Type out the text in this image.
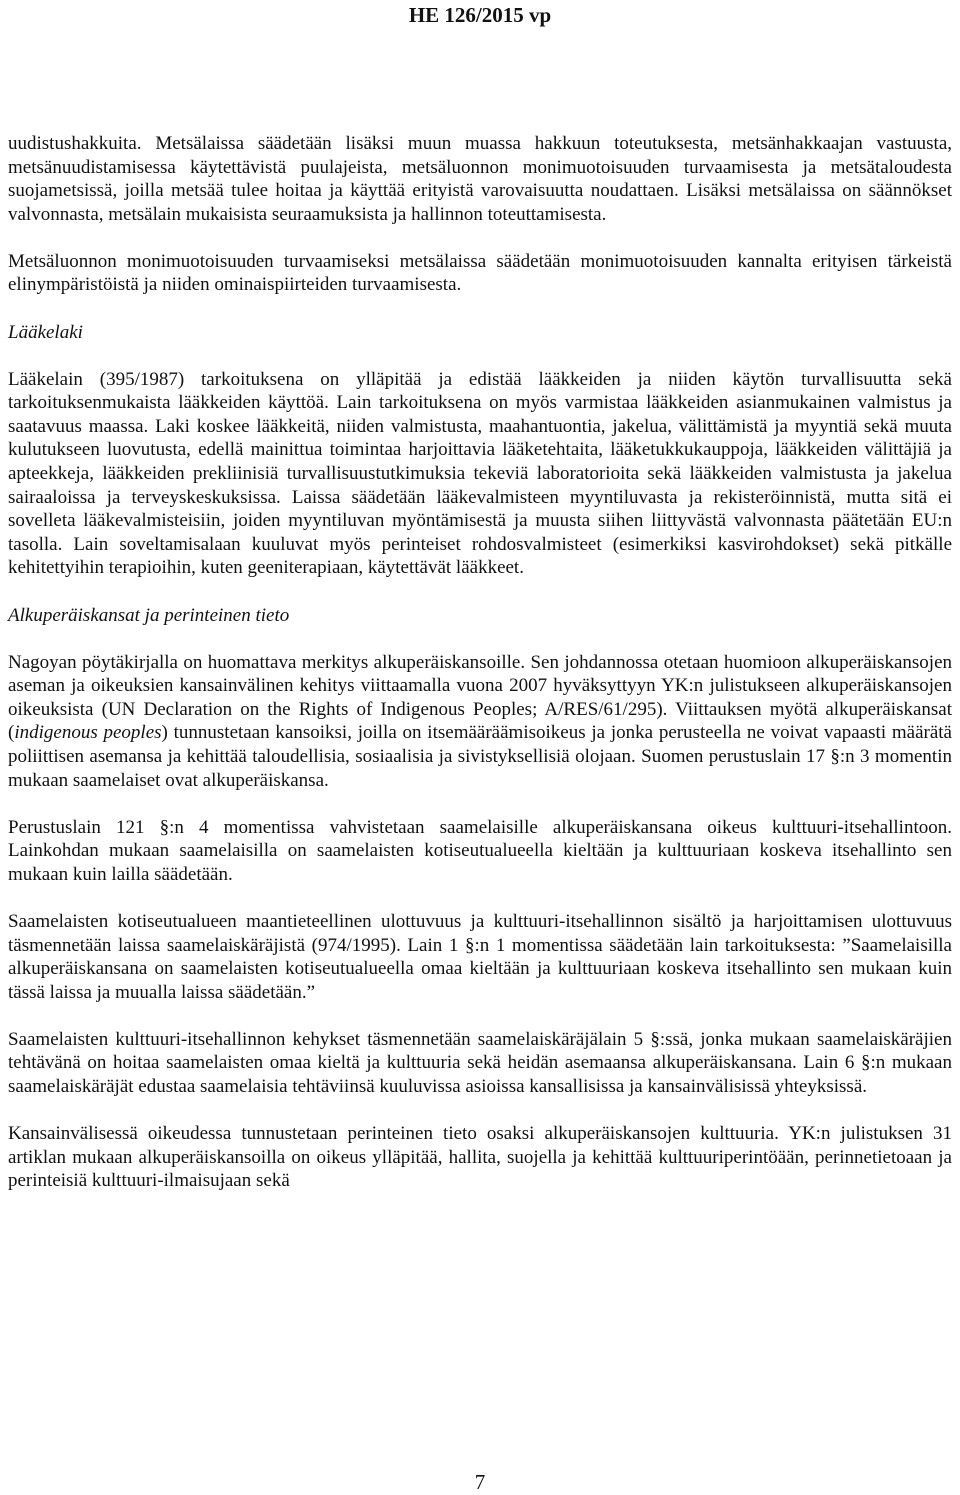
HE 126/2015 vp

uudistushakkuita. Metsälaissa säädetään lisäksi muun muassa hakkuun toteutuksesta, metsänhakkaajan vastuusta, metsänuudistamisessa käytettävistä puulajeista, metsäluonnon monimuotoisuuden turvaamisesta ja metsätaloudesta suojametsissä, joilla metsää tulee hoitaa ja käyttää erityistä varovaisuutta noudattaen. Lisäksi metsälaissa on säännökset valvonnasta, metsälain mukaisista seuraamuksista ja hallinnon toteuttamisesta.

Metsäluonnon monimuotoisuuden turvaamiseksi metsälaissa säädetään monimuotoisuuden kannalta erityisen tärkeistä elinympäristöistä ja niiden ominaispiirteiden turvaamisesta.

Lääkelaki

Lääkelain (395/1987) tarkoituksena on ylläpitää ja edistää lääkkeiden ja niiden käytön turvallisuutta sekä tarkoituksenmukaista lääkkeiden käyttöä. Lain tarkoituksena on myös varmistaa lääkkeiden asianmukainen valmistus ja saatavuus maassa. Laki koskee lääkkeitä, niiden valmistusta, maahantuontia, jakelua, välittämistä ja myyntiä sekä muuta kulutukseen luovutusta, edellä mainittua toimintaa harjoittavia lääketehtaita, lääketukkukauppoja, lääkkeiden välittäjiä ja apteekkeja, lääkkeiden prekliinisiä turvallisuustutkimuksia tekeviä laboratorioita sekä lääkkeiden valmistusta ja jakelua sairaaloissa ja terveyskeskuksissa. Laissa säädetään lääkevalmisteen myyntiluvasta ja rekisteröinnistä, mutta sitä ei sovelleta lääkevalmisteisiin, joiden myyntiluvan myöntämisestä ja muusta siihen liittyvästä valvonnasta päätetään EU:n tasolla. Lain soveltamisalaan kuuluvat myös perinteiset rohdosvalmisteet (esimerkiksi kasvirohdokset) sekä pitkälle kehitettyihin terapioihin, kuten geeniterapiaan, käytettävät lääkkeet.

Alkuperäiskansat ja perinteinen tieto

Nagoyan pöytäkirjalla on huomattava merkitys alkuperäiskansoille. Sen johdannossa otetaan huomioon alkuperäiskansojen aseman ja oikeuksien kansainvälinen kehitys viittaamalla vuona 2007 hyväksyttyyn YK:n julistukseen alkuperäiskansojen oikeuksista (UN Declaration on the Rights of Indigenous Peoples; A/RES/61/295). Viittauksen myötä alkuperäiskansat (indigenous peoples) tunnustetaan kansoiksi, joilla on itsemääräämisoikeus ja jonka perusteella ne voivat vapaasti määrätä poliittisen asemansa ja kehittää taloudellisia, sosiaalisia ja sivistyksellisiä olojaan. Suomen perustuslain 17 §:n 3 momentin mukaan saamelaiset ovat alkuperäiskansa.

Perustuslain 121 §:n 4 momentissa vahvistetaan saamelaisille alkuperäiskansana oikeus kulttuuri-itsehallintoon. Lainkohdan mukaan saamelaisilla on saamelaisten kotiseutualueella kieltään ja kulttuuriaan koskeva itsehallinto sen mukaan kuin lailla säädetään.

Saamelaisten kotiseutualueen maantieteellinen ulottuvuus ja kulttuuri-itsehallinnon sisältö ja harjoittamisen ulottuvuus täsmennetään laissa saamelaiskäräjistä (974/1995). Lain 1 §:n 1 momentissa säädetään lain tarkoituksesta: ”Saamelaisilla alkuperäiskansana on saamelaisten kotiseutualueella omaa kieltään ja kulttuuriaan koskeva itsehallinto sen mukaan kuin tässä laissa ja muualla laissa säädetään.”

Saamelaisten kulttuuri-itsehallinnon kehykset täsmennetään saamelaiskäräjälain 5 §:ssä, jonka mukaan saamelaiskäräjien tehtävänä on hoitaa saamelaisten omaa kieltä ja kulttuuria sekä heidän asemaansa alkuperäiskansana. Lain 6 §:n mukaan saamelaiskäräjät edustaa saamelaisia tehtäviinsä kuuluvissa asioissa kansallisissa ja kansainvälisissä yhteyksissä.

Kansainvälisessä oikeudessa tunnustetaan perinteinen tieto osaksi alkuperäiskansojen kulttuuria. YK:n julistuksen 31 artiklan mukaan alkuperäiskansoilla on oikeus ylläpitää, hallita, suojella ja kehittää kulttuuriperintöään, perinnetietoaan ja perinteisiä kulttuuri-ilmaisujaan sekä

7
